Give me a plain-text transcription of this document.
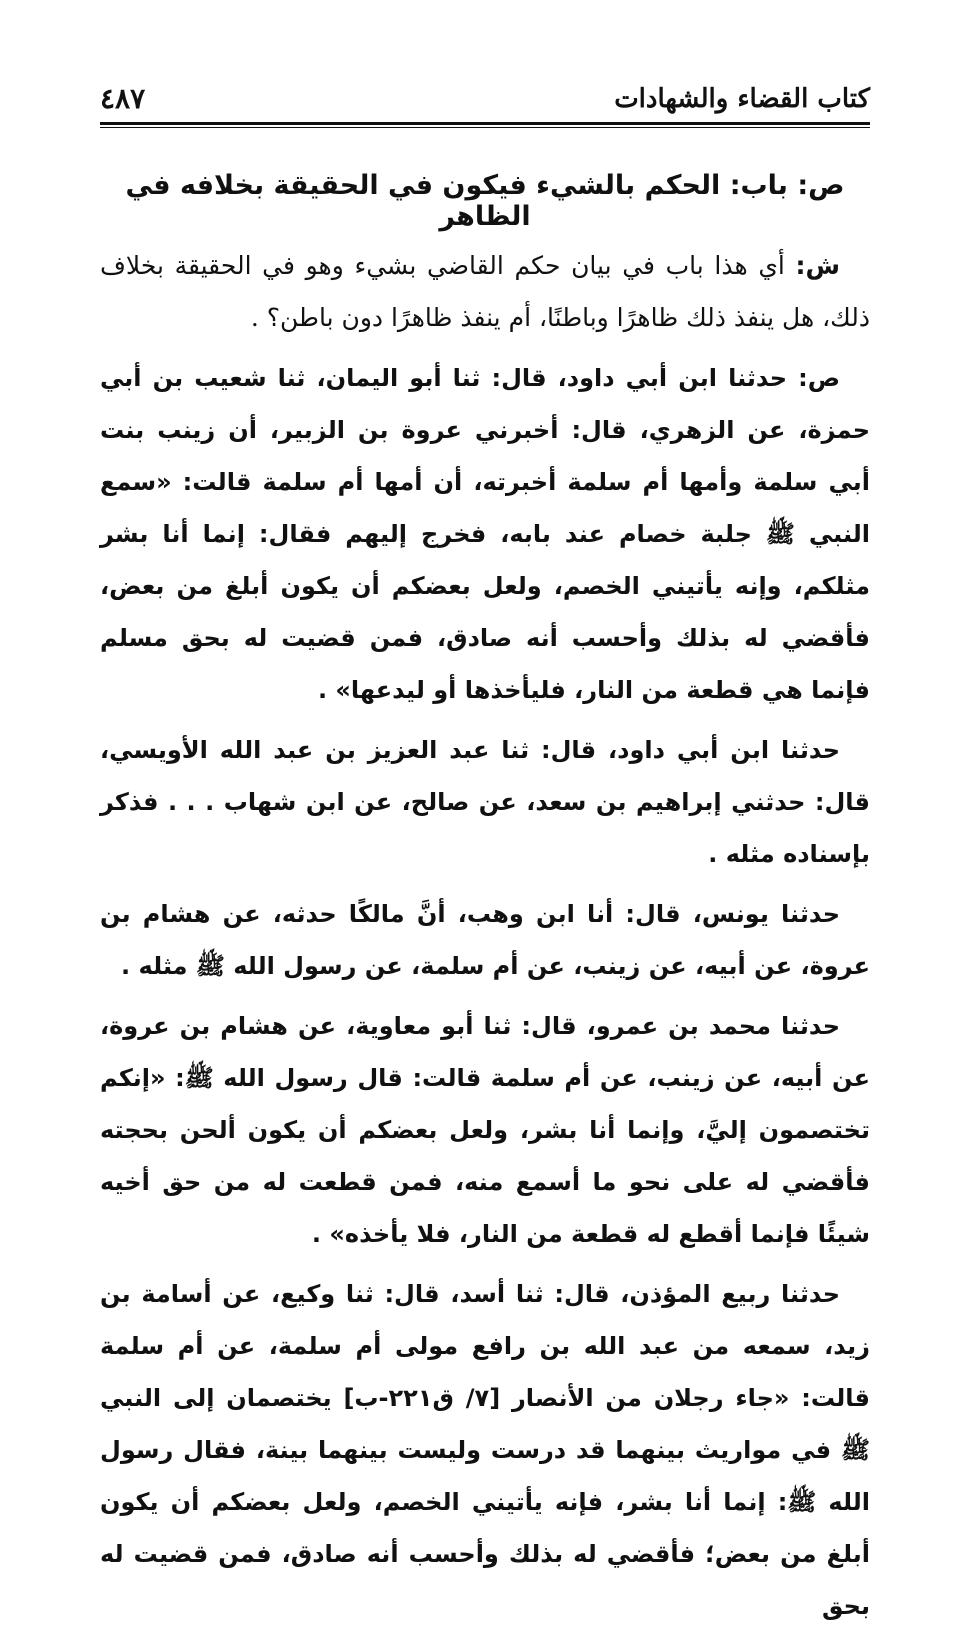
كتاب القضاء والشهادات
٤٨٧
ص: باب: الحكم بالشيء فيكون في الحقيقة بخلافه في الظاهر

ش: أي هذا باب في بيان حكم القاضي بشيء وهو في الحقيقة بخلاف ذلك، هل ينفذ ذلك ظاهرًا وباطنًا، أم ينفذ ظاهرًا دون باطن؟ .

ص: حدثنا ابن أبي داود، قال: ثنا أبو اليمان، ثنا شعيب بن أبي حمزة، عن الزهري، قال: أخبرني عروة بن الزبير، أن زينب بنت أبي سلمة وأمها أم سلمة أخبرته، أن أمها أم سلمة قالت: «سمع النبي ﷺ جلبة خصام عند بابه، فخرج إليهم فقال: إنما أنا بشر مثلكم، وإنه يأتيني الخصم، ولعل بعضكم أن يكون أبلغ من بعض، فأقضي له بذلك وأحسب أنه صادق، فمن قضيت له بحق مسلم فإنما هي قطعة من النار، فليأخذها أو ليدعها» .

حدثنا ابن أبي داود، قال: ثنا عبد العزيز بن عبد الله الأويسي، قال: حدثني إبراهيم بن سعد، عن صالح، عن ابن شهاب . . . فذكر بإسناده مثله .

حدثنا يونس، قال: أنا ابن وهب، أنَّ مالكًا حدثه، عن هشام بن عروة، عن أبيه، عن زينب، عن أم سلمة، عن رسول الله ﷺ مثله .

حدثنا محمد بن عمرو، قال: ثنا أبو معاوية، عن هشام بن عروة، عن أبيه، عن زينب، عن أم سلمة قالت: قال رسول الله ﷺ: «إنكم تختصمون إليَّ، وإنما أنا بشر، ولعل بعضكم أن يكون ألحن بحجته فأقضي له على نحو ما أسمع منه، فمن قطعت له من حق أخيه شيئًا فإنما أقطع له قطعة من النار، فلا يأخذه» .

حدثنا ربيع المؤذن، قال: ثنا أسد، قال: ثنا وكيع، عن أسامة بن زيد، سمعه من عبد الله بن رافع مولى أم سلمة، عن أم سلمة قالت: «جاء رجلان من الأنصار [٧/ ق٢٢١-ب] يختصمان إلى النبي ﷺ في مواريث بينهما قد درست وليست بينهما بينة، فقال رسول الله ﷺ: إنما أنا بشر، فإنه يأتيني الخصم، ولعل بعضكم أن يكون أبلغ من بعض؛ فأقضي له بذلك وأحسب أنه صادق، فمن قضيت له بحق
